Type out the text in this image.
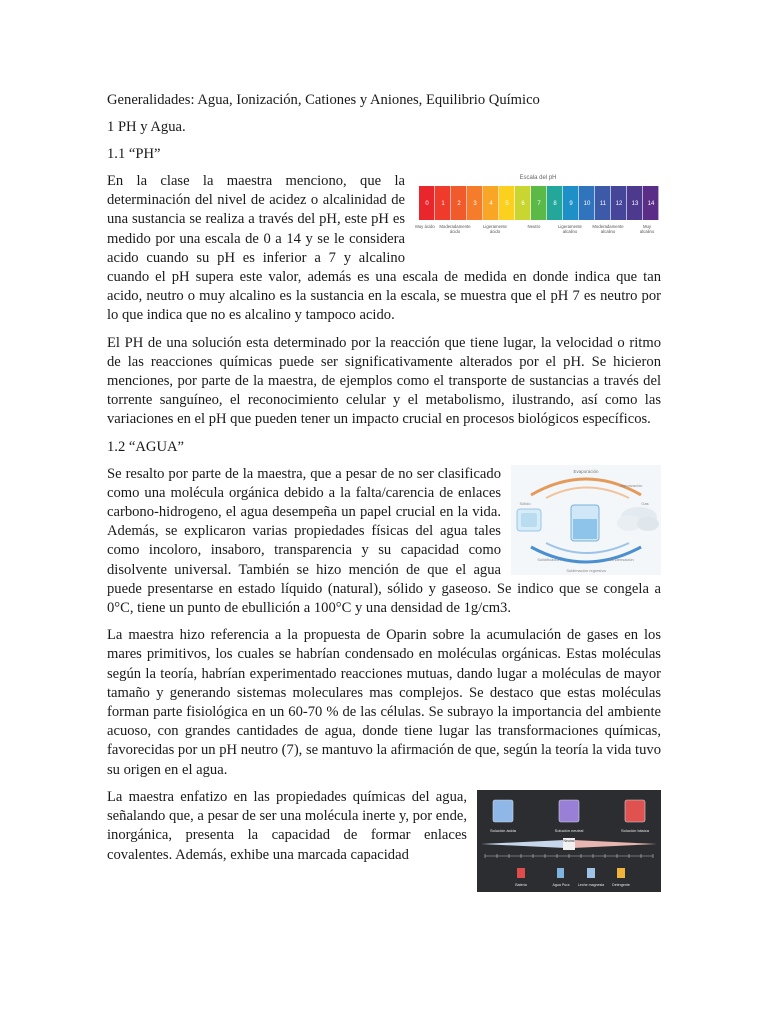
Generalidades: Agua, Ionización, Cationes y Aniones, Equilibrio Químico
1 PH y Agua.
1.1 “PH”
Escala del pH
0 1 2 3 4 5 6 7 8 9 10 11 12 13 14
Muy ácido Moderadamente ácido
Ligeramente ácido
Neutro	Ligeramente alcalino
Moderadamente alcalino
Muy alcalino

En la clase la maestra menciono, que la determinación del nivel de acidez o alcalinidad de una sustancia se realiza a través del pH, este pH es medido por una escala de 0 a 14 y se le considera acido cuando su pH es inferior a 7 y alcalino cuando el pH supera este valor, además es una escala de medida en donde indica que tan acido, neutro o muy alcalino es la sustancia en la escala, se muestra que el pH 7 es neutro por lo que indica que no es alcalino y tampoco acido.

El PH de una solución esta determinado por la reacción que tiene lugar, la velocidad o ritmo de las reacciones químicas puede ser significativamente alterados por el pH. Se hicieron menciones, por parte de la maestra, de ejemplos como el transporte de sustancias a través del torrente sanguíneo, el reconocimiento celular y el metabolismo, ilustrando, así como las variaciones en el pH que pueden tener un impacto crucial en procesos biológicos específicos.

1.2 “AGUA”
Evaporación
Vaporización
Sólido	Gas
Solidificación	Condensación
Sublimación regresiva

Se resalto por parte de la maestra, que a pesar de no ser clasificado como una molécula orgánica debido a la falta/carencia de enlaces carbono-hidrogeno, el agua desempeña un papel crucial en la vida. Además, se explicaron varias propiedades físicas del agua tales como incoloro, insaboro, transparencia y su capacidad como disolvente universal. También se hizo mención de que el agua puede presentarse en estado líquido (natural), sólido y gaseoso. Se indico que se congela a 0°C, tiene un punto de ebullición a 100°C y una densidad de 1g/cm3.

La maestra hizo referencia a la propuesta de Oparin sobre la acumulación de gases en los mares primitivos, los cuales se habrían condensado en moléculas orgánicas. Estas moléculas según la teoría, habrían experimentado reacciones mutuas, dando lugar a moléculas de mayor tamaño y generando sistemas moleculares mas complejos. Se destaco que estas moléculas forman parte fisiológica en un 60-70 % de las células. Se subrayo la importancia del ambiente acuoso, con grandes cantidades de agua, donde tiene lugar las transformaciones químicas, favorecidas por un pH neutro (7), se mantuvo la afirmación de que, según la teoría la vida tuvo su origen en el agua.

Solución ácida	Solución neutral	Solución básica
Neutral
Batería	Agua Pura Leche magnesia Detergente

La maestra enfatizo en las propiedades químicas del agua, señalando que, a pesar de ser una molécula inerte y, por ende, inorgánica, presenta la capacidad de formar enlaces covalentes. Además, exhibe una marcada capacidad
